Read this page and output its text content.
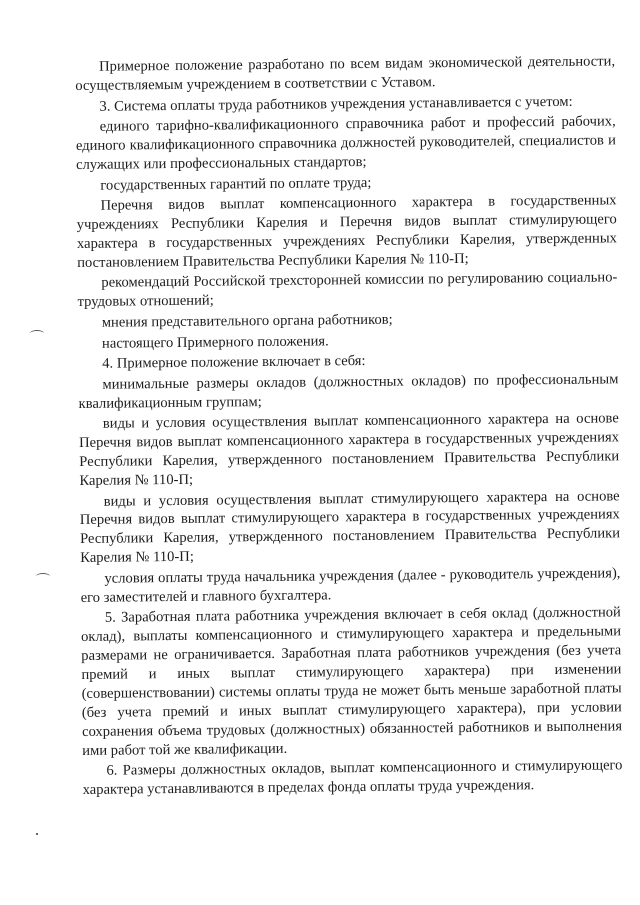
Примерное положение разработано по всем видам экономической деятельности, осуществляемым учреждением в соответствии с Уставом.

3. Система оплаты труда работников учреждения устанавливается с учетом:

единого тарифно-квалификационного справочника работ и профессий рабочих, единого квалификационного справочника должностей руководителей, специалистов и служащих или профессиональных стандартов;

государственных гарантий по оплате труда;

Перечня видов выплат компенсационного характера в государственных учреждениях Республики Карелия и Перечня видов выплат стимулирующего характера в государственных учреждениях Республики Карелия, утвержденных постановлением Правительства Республики Карелия № 110-П;

рекомендаций Российской трехсторонней комиссии по регулированию социально-трудовых отношений;

мнения представительного органа работников;

настоящего Примерного положения.

4. Примерное положение включает в себя:

минимальные размеры окладов (должностных окладов) по профессиональным квалификационным группам;

виды и условия осуществления выплат компенсационного характера на основе Перечня видов выплат компенсационного характера в государственных учреждениях Республики Карелия, утвержденного постановлением Правительства Республики Карелия № 110-П;

виды и условия осуществления выплат стимулирующего характера на основе Перечня видов выплат стимулирующего характера в государственных учреждениях Республики Карелия, утвержденного постановлением Правительства Республики Карелия № 110-П;

условия оплаты труда начальника учреждения (далее - руководитель учреждения), его заместителей и главного бухгалтера.

5. Заработная плата работника учреждения включает в себя оклад (должностной оклад), выплаты компенсационного и стимулирующего характера и предельными размерами не ограничивается. Заработная плата работников учреждения (без учета премий и иных выплат стимулирующего характера) при изменении (совершенствовании) системы оплаты труда не может быть меньше заработной платы (без учета премий и иных выплат стимулирующего характера), при условии сохранения объема трудовых (должностных) обязанностей работников и выполнения ими работ той же квалификации.

6. Размеры должностных окладов, выплат компенсационного и стимулирующего характера устанавливаются в пределах фонда оплаты труда учреждения.
